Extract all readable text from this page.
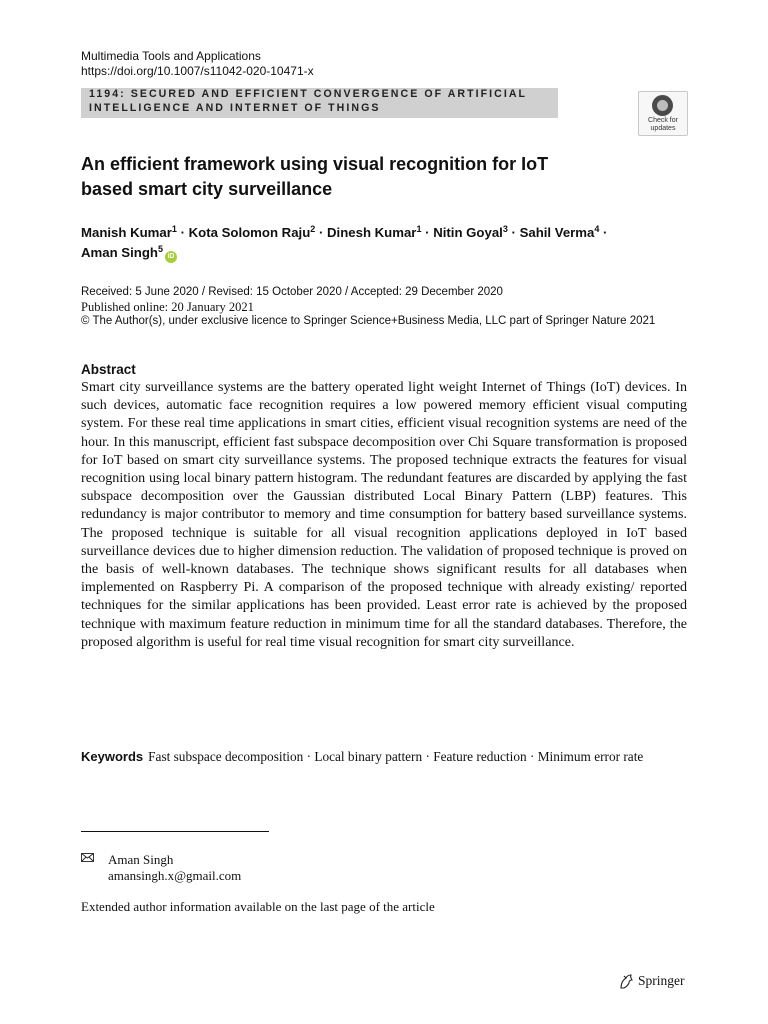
Multimedia Tools and Applications
https://doi.org/10.1007/s11042-020-10471-x
1194: SECURED AND EFFICIENT CONVERGENCE OF ARTIFICIAL
INTELLIGENCE AND INTERNET OF THINGS
Check for
updates
An efficient framework using visual recognition for IoT
based smart city surveillance
Manish Kumar$^1$ · Kota Solomon Raju$^2$ · Dinesh Kumar$^1$ · Nitin Goyal$^3$ · Sahil Verma$^4$ ·
Aman Singh$^5$iD
Received: 5 June 2020 / Revised: 15 October 2020 / Accepted: 29 December 2020
Published online: 20 January 2021
© The Author(s), under exclusive licence to Springer Science+Business Media, LLC part of Springer Nature 2021
Abstract
Smart city surveillance systems are the battery operated light weight Internet of Things (IoT) devices. In such devices, automatic face recognition requires a low powered memory efficient visual computing system. For these real time applications in smart cities, efficient visual recognition systems are need of the hour. In this manuscript, efficient fast subspace decomposition over Chi Square transformation is proposed for IoT based on smart city surveillance systems. The proposed technique extracts the features for visual recognition using local binary pattern histogram. The redundant features are discarded by applying the fast subspace decomposition over the Gaussian distributed Local Binary Pattern (LBP) features. This redundancy is major contributor to memory and time consumption for battery based surveillance systems. The proposed technique is suitable for all visual recognition applications deployed in IoT based surveillance devices due to higher dimension reduction. The validation of proposed technique is proved on the basis of well-known databases. The technique shows significant results for all databases when implemented on Raspberry Pi. A comparison of the proposed technique with already existing/ reported techniques for the similar applications has been provided. Least error rate is achieved by the proposed technique with maximum feature reduction in minimum time for all the standard databases. Therefore, the proposed algorithm is useful for real time visual recognition for smart city surveillance.
Keywords Fast subspace decomposition · Local binary pattern · Feature reduction · Minimum error rate
Aman Singh
amansingh.x@gmail.com
Extended author information available on the last page of the article
Springer
